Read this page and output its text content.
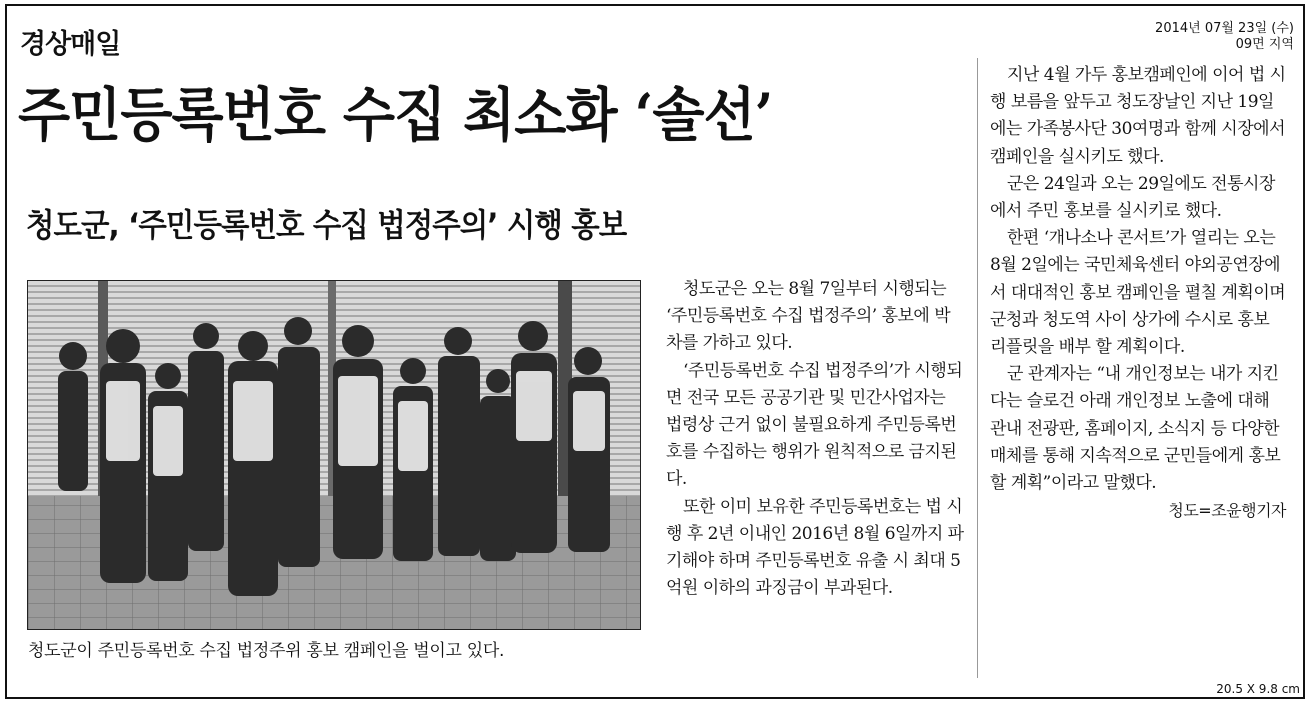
경상매일
2014년 07월 23일 (수)
09면 지역
주민등록번호 수집 최소화 ‘솔선’
청도군, ‘주민등록번호 수집 법정주의’ 시행 홍보
청도군이 주민등록번호 수집 법정주위 홍보 캠페인을 벌이고 있다.

청도군은 오는 8월 7일부터 시행되는 ‘주민등록번호 수집 법정주의’ 홍보에 박차를 가하고 있다.

‘주민등록번호 수집 법정주의’가 시행되면 전국 모든 공공기관 및 민간사업자는 법령상 근거 없이 불필요하게 주민등록번호를 수집하는 행위가 원칙적으로 금지된다.

또한 이미 보유한 주민등록번호는 법 시행 후 2년 이내인 2016년 8월 6일까지 파기해야 하며 주민등록번호 유출 시 최대 5억원 이하의 과징금이 부과된다.

지난 4월 가두 홍보캠페인에 이어 법 시행 보름을 앞두고 청도장날인 지난 19일에는 가족봉사단 30여명과 함께 시장에서 캠페인을 실시키도 했다.

군은 24일과 오는 29일에도 전통시장에서 주민 홍보를 실시키로 했다.

한편 ‘개나소나 콘서트’가 열리는 오는 8월 2일에는 국민체육센터 야외공연장에서 대대적인 홍보 캠페인을 펼칠 계획이며 군청과 청도역 사이 상가에 수시로 홍보 리플릿을 배부 할 계획이다.

군 관계자는 “내 개인정보는 내가 지킨다는 슬로건 아래 개인정보 노출에 대해 관내 전광판, 홈페이지, 소식지 등 다양한 매체를 통해 지속적으로 군민들에게 홍보할 계획”이라고 말했다.

청도=조윤행기자

20.5 X 9.8 cm
